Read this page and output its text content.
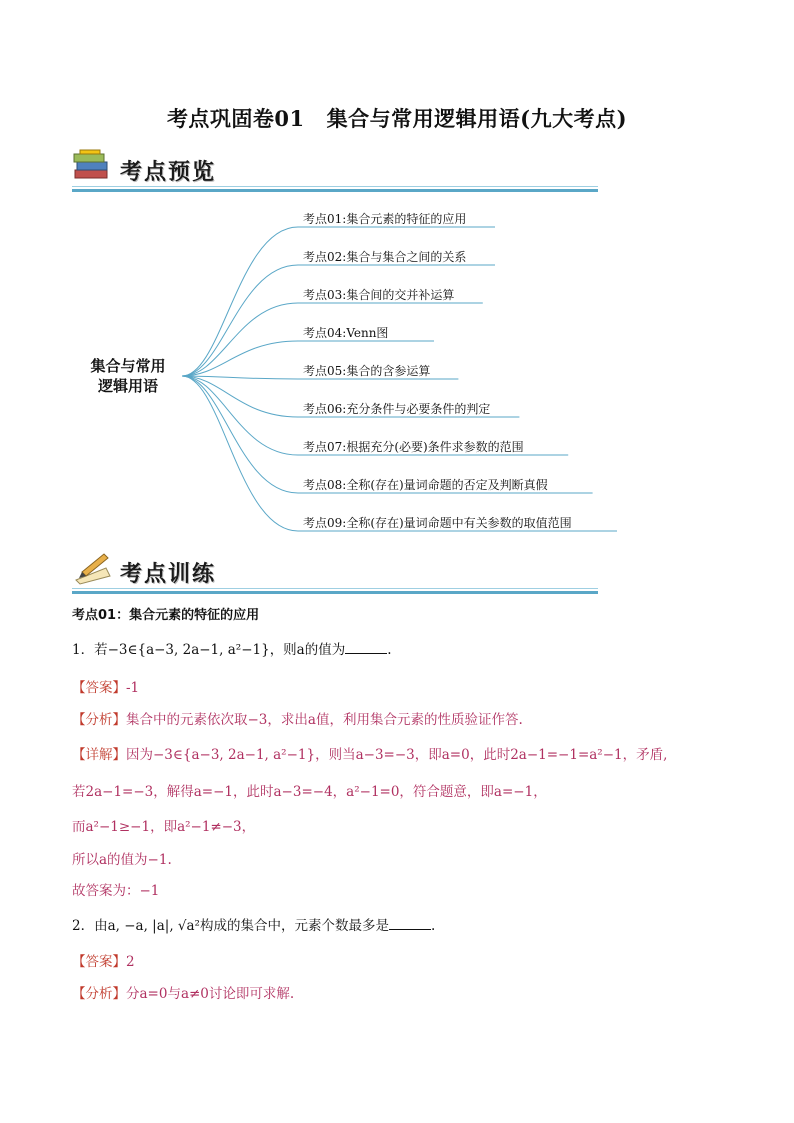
考点巩固卷01 集合与常用逻辑用语(九大考点)
考点预览
集合与常用
逻辑用语
考点01:集合元素的特征的应用
考点02:集合与集合之间的关系
考点03:集合间的交并补运算
考点04:Venn图
考点05:集合的含参运算
考点06:充分条件与必要条件的判定
考点07:根据充分(必要)条件求参数的范围
考点08:全称(存在)量词命题的否定及判断真假
考点09:全称(存在)量词命题中有关参数的取值范围
考点训练
考点01：集合元素的特征的应用
1．若−3∈{a−3, 2a−1, a²−1}，则a的值为	.
【答案】-1
【分析】集合中的元素依次取−3，求出a值，利用集合元素的性质验证作答.
【详解】因为−3∈{a−3, 2a−1, a²−1}，则当a−3=−3，即a=0，此时2a−1=−1=a²−1，矛盾,
若2a−1=−3，解得a=−1，此时a−3=−4，a²−1=0，符合题意，即a=−1，
而a²−1≥−1，即a²−1≠−3，
所以a的值为−1.
故答案为：−1
2．由a, −a, |a|, √a²构成的集合中，元素个数最多是	.
【答案】2
【分析】分a=0与a≠0讨论即可求解.
